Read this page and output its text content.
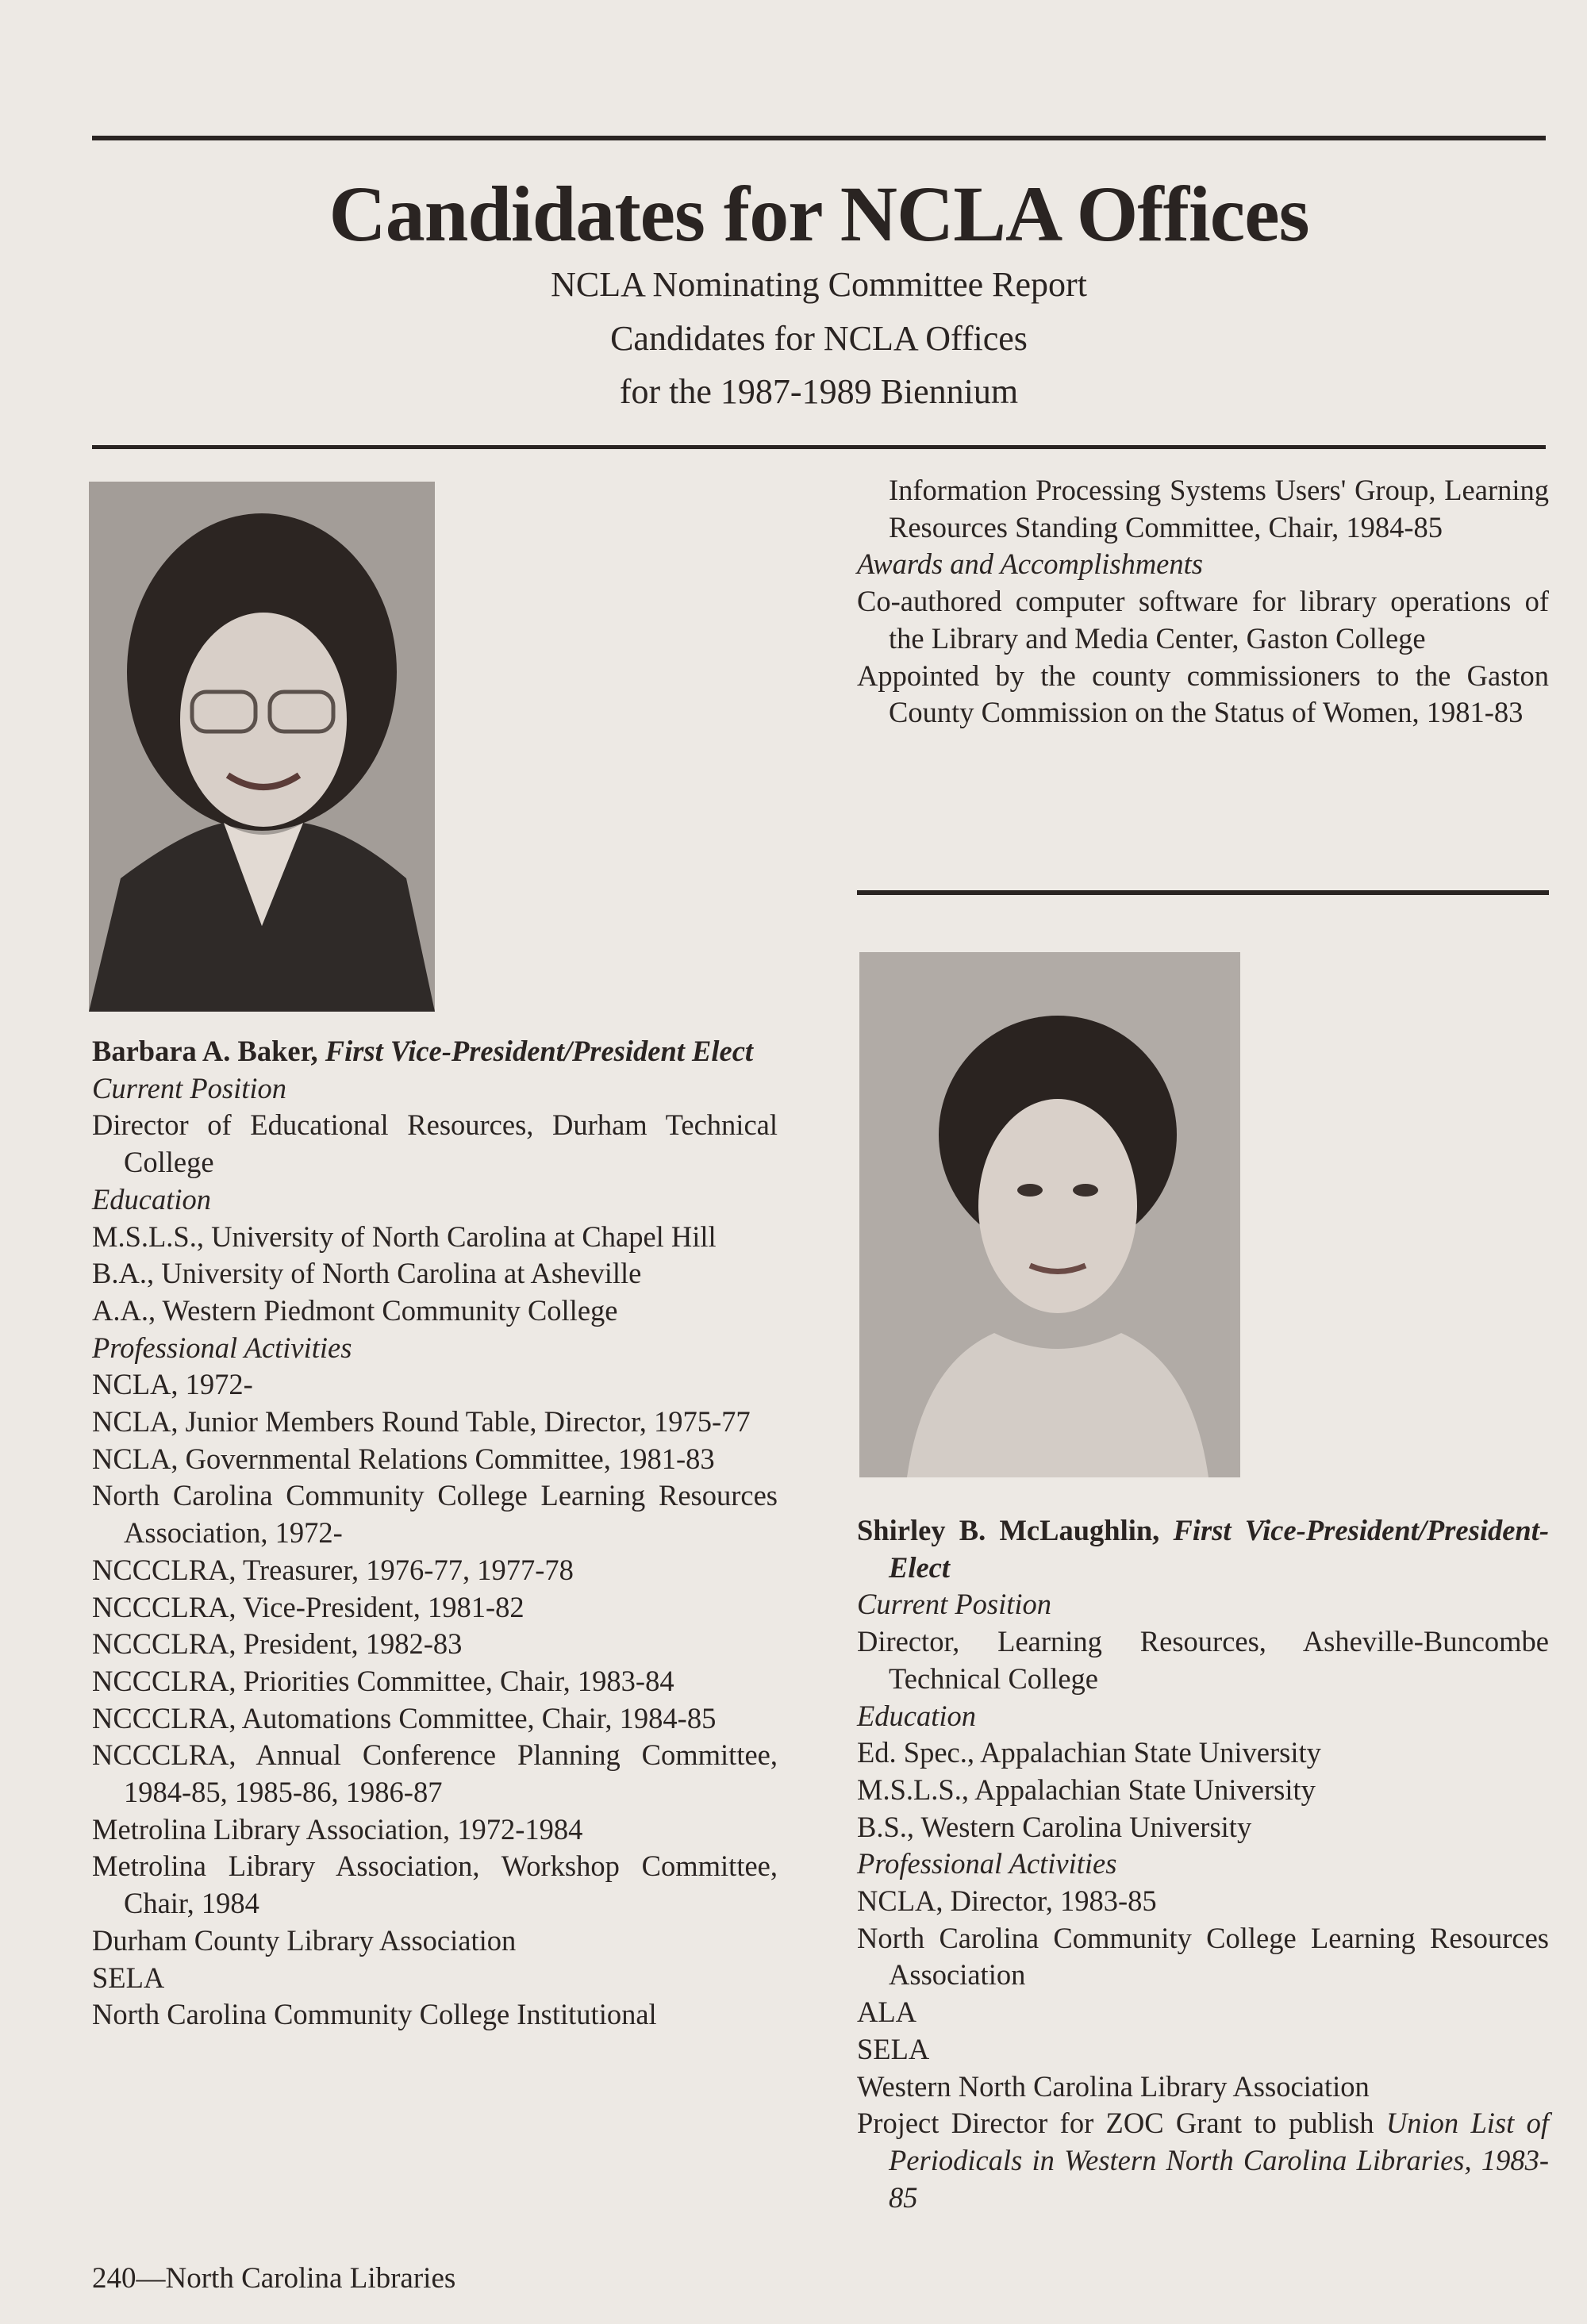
Candidates for NCLA Offices
NCLA Nominating Committee Report
Candidates for NCLA Offices
for the 1987-1989 Biennium

Barbara A. Baker, First Vice-President/President Elect

Current Position

Director of Educational Resources, Durham Technical College

Education

M.S.L.S., University of North Carolina at Chapel Hill

B.A., University of North Carolina at Asheville

A.A., Western Piedmont Community College

Professional Activities

NCLA, 1972-

NCLA, Junior Members Round Table, Director, 1975-77

NCLA, Governmental Relations Committee, 1981-83

North Carolina Community College Learning Resources Association, 1972-

NCCCLRA, Treasurer, 1976-77, 1977-78

NCCCLRA, Vice-President, 1981-82

NCCCLRA, President, 1982-83

NCCCLRA, Priorities Committee, Chair, 1983-84

NCCCLRA, Automations Committee, Chair, 1984-85

NCCCLRA, Annual Conference Planning Committee, 1984-85, 1985-86, 1986-87

Metrolina Library Association, 1972-1984

Metrolina Library Association, Workshop Committee, Chair, 1984

Durham County Library Association

SELA

North Carolina Community College Institutional

Information Processing Systems Users' Group, Learning Resources Standing Committee, Chair, 1984-85

Awards and Accomplishments

Co-authored computer software for library operations of the Library and Media Center, Gaston College

Appointed by the county commissioners to the Gaston County Commission on the Status of Women, 1981-83

Shirley B. McLaughlin, First Vice-President/President-Elect

Current Position

Director, Learning Resources, Asheville-Buncombe Technical College

Education

Ed. Spec., Appalachian State University

M.S.L.S., Appalachian State University

B.S., Western Carolina University

Professional Activities

NCLA, Director, 1983-85

North Carolina Community College Learning Resources Association

ALA

SELA

Western North Carolina Library Association

Project Director for ZOC Grant to publish Union List of Periodicals in Western North Carolina Libraries, 1983-85

240—North Carolina Libraries
